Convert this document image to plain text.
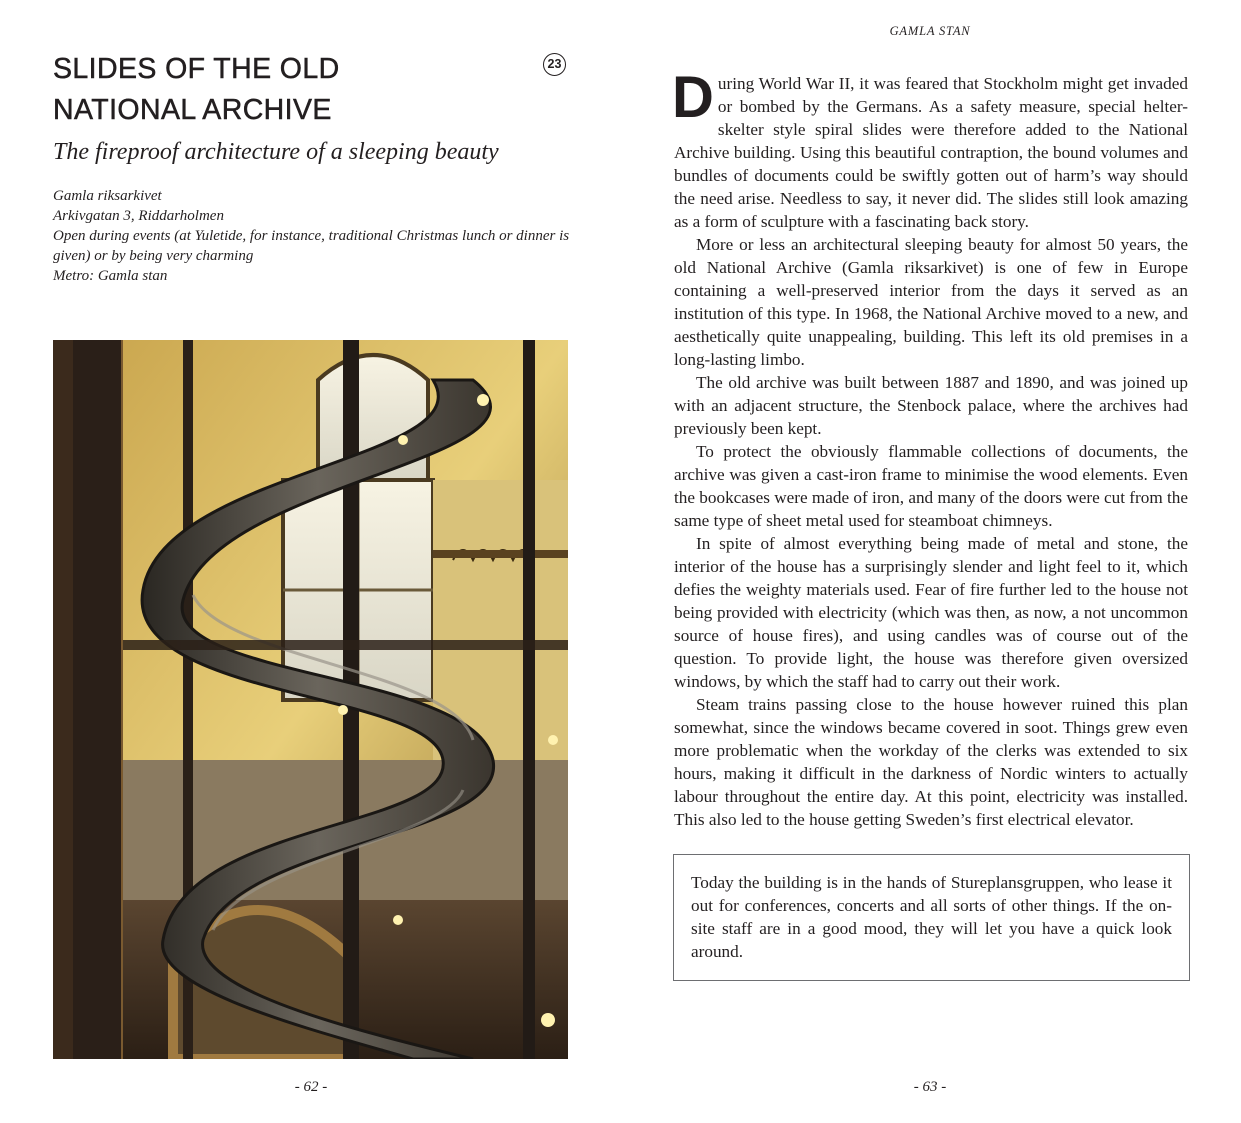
SLIDES OF THE OLD
NATIONAL ARCHIVE
23
The fireproof architecture of a sleeping beauty
Gamla riksarkivet
Arkivgatan 3, Riddarholmen
Open during events (at Yuletide, for instance, traditional Christmas lunch or dinner is given) or by being very charming
Metro: Gamla stan
- 62 -
GAMLA STAN

During World War II, it was feared that Stockholm might get invaded or bombed by the Germans. As a safety measure, special helter-skelter style spiral slides were therefore added to the National Archive building. Using this beautiful contraption, the bound volumes and bundles of documents could be swiftly gotten out of harm’s way should the need arise. Needless to say, it never did. The slides still look amazing as a form of sculpture with a fascinating back story.

More or less an architectural sleeping beauty for almost 50 years, the old National Archive (Gamla riksarkivet) is one of few in Europe containing a well-preserved interior from the days it served as an institution of this type. In 1968, the National Archive moved to a new, and aesthetically quite unappealing, building. This left its old premises in a long-lasting limbo.

The old archive was built between 1887 and 1890, and was joined up with an adjacent structure, the Stenbock palace, where the archives had previously been kept.

To protect the obviously flammable collections of documents, the archive was given a cast-iron frame to minimise the wood elements. Even the bookcases were made of iron, and many of the doors were cut from the same type of sheet metal used for steamboat chimneys.

In spite of almost everything being made of metal and stone, the interior of the house has a surprisingly slender and light feel to it, which defies the weighty materials used. Fear of fire further led to the house not being provided with electricity (which was then, as now, a not uncommon source of house fires), and using candles was of course out of the question. To provide light, the house was therefore given oversized windows, by which the staff had to carry out their work.

Steam trains passing close to the house however ruined this plan somewhat, since the windows became covered in soot. Things grew even more problematic when the workday of the clerks was extended to six hours, making it difficult in the darkness of Nordic winters to actually labour throughout the entire day. At this point, electricity was installed. This also led to the house getting Sweden’s first electrical elevator.

Today the building is in the hands of Stureplansgruppen, who lease it out for conferences, concerts and all sorts of other things. If the on-site staff are in a good mood, they will let you have a quick look around.
- 63 -
